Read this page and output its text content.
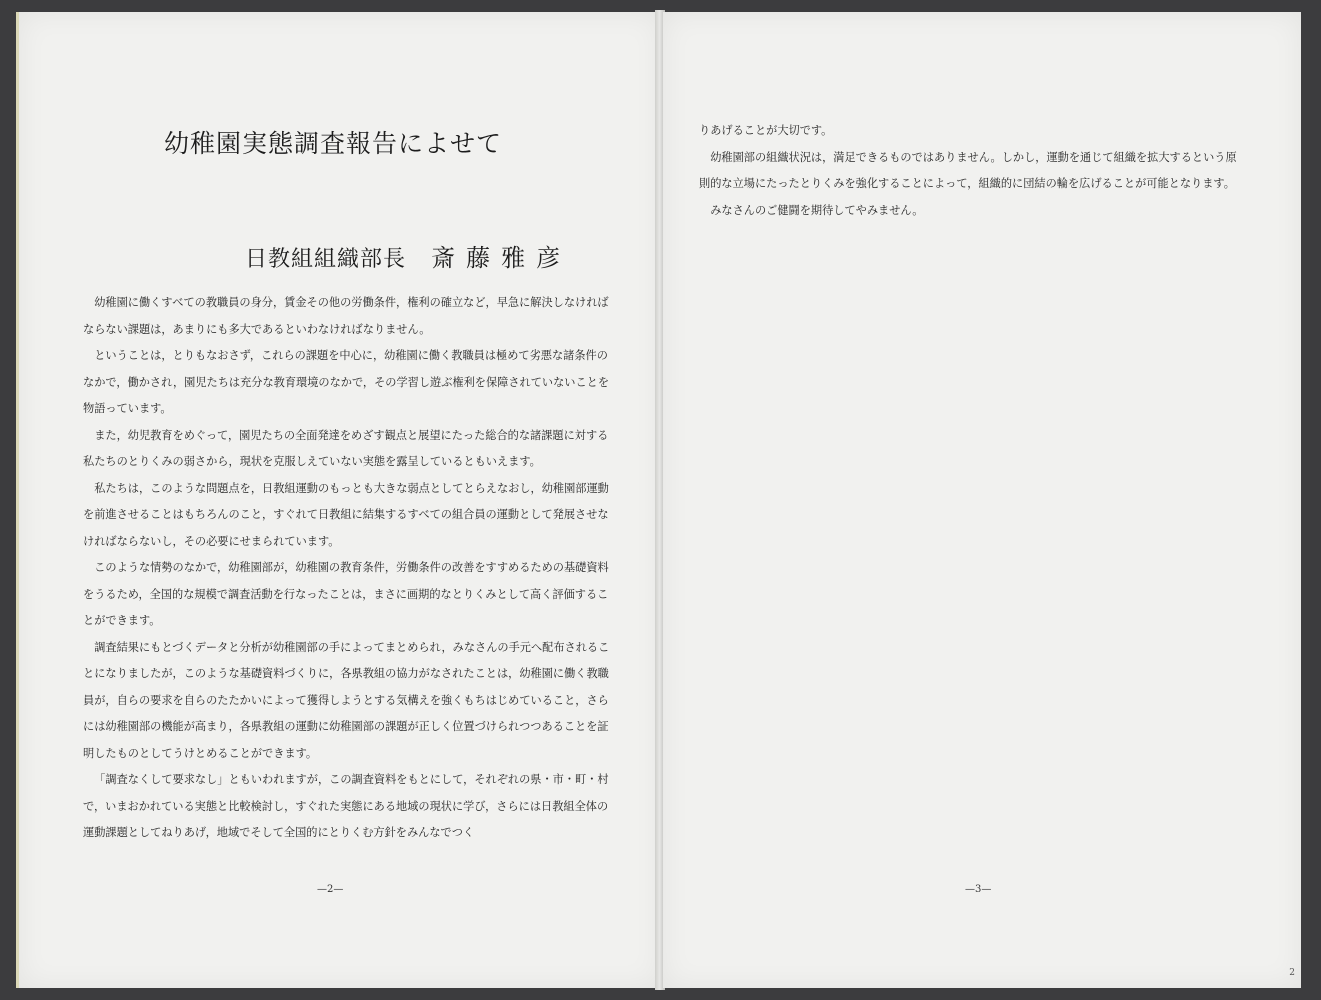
幼稚園実態調査報告によせて
日教組組織部長 斎藤雅彦

幼稚園に働くすべての教職員の身分，賃金その他の労働条件，権利の確立など，早急に解決しなければならない課題は，あまりにも多大であるといわなければなりません。

ということは，とりもなおさず，これらの課題を中心に，幼稚園に働く教職員は極めて劣悪な諸条件のなかで，働かされ，園児たちは充分な教育環境のなかで，その学習し遊ぶ権利を保障されていないことを物語っています。

また，幼児教育をめぐって，園児たちの全面発達をめざす観点と展望にたった総合的な諸課題に対する私たちのとりくみの弱さから，現状を克服しえていない実態を露呈しているともいえます。

私たちは，このような問題点を，日教組運動のもっとも大きな弱点としてとらえなおし，幼稚園部運動を前進させることはもちろんのこと，すぐれて日教組に結集するすべての組合員の運動として発展させなければならないし，その必要にせまられています。

このような情勢のなかで，幼稚園部が，幼稚園の教育条件，労働条件の改善をすすめるための基礎資料をうるため，全国的な規模で調査活動を行なったことは，まさに画期的なとりくみとして高く評価することができます。

調査結果にもとづくデータと分析が幼稚園部の手によってまとめられ，みなさんの手元へ配布されることになりましたが，このような基礎資料づくりに，各県教組の協力がなされたことは，幼稚園に働く教職員が，自らの要求を自らのたたかいによって獲得しようとする気構えを強くもちはじめていること，さらには幼稚園部の機能が高まり，各県教組の運動に幼稚園部の課題が正しく位置づけられつつあることを証明したものとしてうけとめることができます。

「調査なくして要求なし」ともいわれますが，この調査資料をもとにして，それぞれの県・市・町・村で，いまおかれている実態と比較検討し，すぐれた実態にある地域の現状に学び，さらには日教組全体の運動課題としてねりあげ，地域でそして全国的にとりくむ方針をみんなでつく

—2—

りあげることが大切です。

幼稚園部の組織状況は，満足できるものではありません。しかし，運動を通じて組織を拡大するという原則的な立場にたったとりくみを強化することによって，組織的に団結の輪を広げることが可能となります。

みなさんのご健闘を期待してやみません。

—3—
2
